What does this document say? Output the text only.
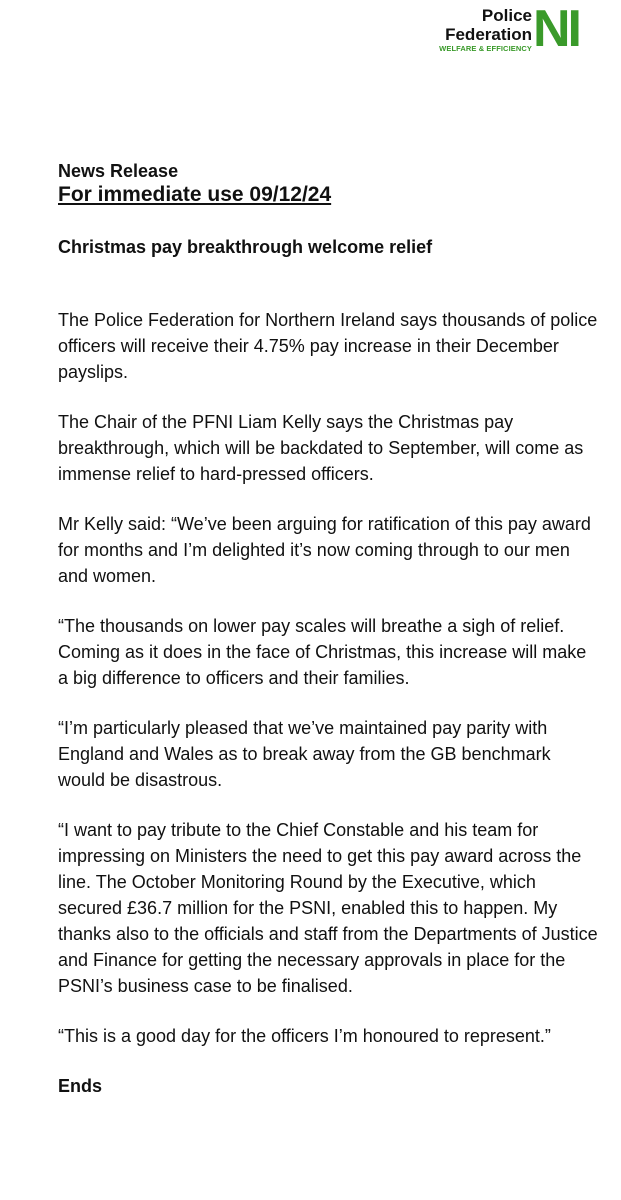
Police
Federation
WELFARE & EFFICIENCY NI
News Release
For immediate use 09/12/24
Christmas pay breakthrough welcome relief

The Police Federation for Northern Ireland says thousands of police officers will receive their 4.75% pay increase in their December payslips.

The Chair of the PFNI Liam Kelly says the Christmas pay breakthrough, which will be backdated to September, will come as immense relief to hard-pressed officers.

Mr Kelly said: “We’ve been arguing for ratification of this pay award for months and I’m delighted it’s now coming through to our men and women.

“The thousands on lower pay scales will breathe a sigh of relief. Coming as it does in the face of Christmas, this increase will make a big difference to officers and their families.

“I’m particularly pleased that we’ve maintained pay parity with England and Wales as to break away from the GB benchmark would be disastrous.

“I want to pay tribute to the Chief Constable and his team for impressing on Ministers the need to get this pay award across the line. The October Monitoring Round by the Executive, which secured £36.7 million for the PSNI, enabled this to happen. My thanks also to the officials and staff from the Departments of Justice and Finance for getting the necessary approvals in place for the PSNI’s business case to be finalised.

“This is a good day for the officers I’m honoured to represent.”

Ends
